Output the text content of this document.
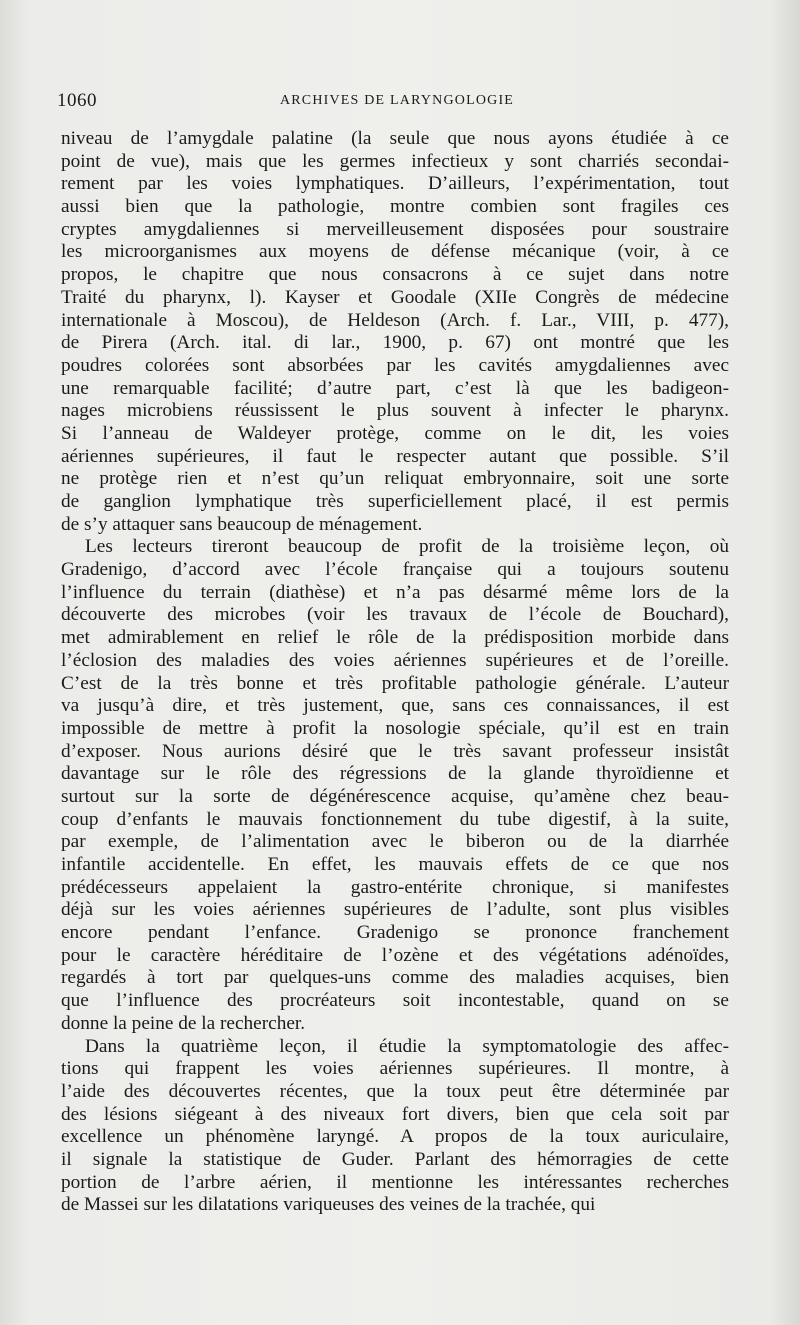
1060	ARCHIVES DE LARYNGOLOGIE
niveau de l’amygdale palatine (la seule que nous ayons étudiée à ce
point de vue), mais que les germes infectieux y sont charriés secondai-
rement par les voies lymphatiques. D’ailleurs, l’expérimentation, tout
aussi bien que la pathologie, montre combien sont fragiles ces
cryptes amygdaliennes si merveilleusement disposées pour soustraire
les microorganismes aux moyens de défense mécanique (voir, à ce
propos, le chapitre que nous consacrons à ce sujet dans notre
Traité du pharynx, l). Kayser et Goodale (XIIe Congrès de médecine
internationale à Moscou), de Heldeson (Arch. f. Lar., VIII, p. 477),
de Pirera (Arch. ital. di lar., 1900, p. 67) ont montré que les
poudres colorées sont absorbées par les cavités amygdaliennes avec
une remarquable facilité; d’autre part, c’est là que les badigeon-
nages microbiens réussissent le plus souvent à infecter le pharynx.
Si l’anneau de Waldeyer protège, comme on le dit, les voies
aériennes supérieures, il faut le respecter autant que possible. S’il
ne protège rien et n’est qu’un reliquat embryonnaire, soit une sorte
de ganglion lymphatique très superficiellement placé, il est permis
de s’y attaquer sans beaucoup de ménagement.
Les lecteurs tireront beaucoup de profit de la troisième leçon, où
Gradenigo, d’accord avec l’école française qui a toujours soutenu
l’influence du terrain (diathèse) et n’a pas désarmé même lors de la
découverte des microbes (voir les travaux de l’école de Bouchard),
met admirablement en relief le rôle de la prédisposition morbide dans
l’éclosion des maladies des voies aériennes supérieures et de l’oreille.
C’est de la très bonne et très profitable pathologie générale. L’auteur
va jusqu’à dire, et très justement, que, sans ces connaissances, il est
impossible de mettre à profit la nosologie spéciale, qu’il est en train
d’exposer. Nous aurions désiré que le très savant professeur insistât
davantage sur le rôle des régressions de la glande thyroïdienne et
surtout sur la sorte de dégénérescence acquise, qu’amène chez beau-
coup d’enfants le mauvais fonctionnement du tube digestif, à la suite,
par exemple, de l’alimentation avec le biberon ou de la diarrhée
infantile accidentelle. En effet, les mauvais effets de ce que nos
prédécesseurs appelaient la gastro-entérite chronique, si manifestes
déjà sur les voies aériennes supérieures de l’adulte, sont plus visibles
encore pendant l’enfance. Gradenigo se prononce franchement
pour le caractère héréditaire de l’ozène et des végétations adénoïdes,
regardés à tort par quelques-uns comme des maladies acquises, bien
que l’influence des procréateurs soit incontestable, quand on se
donne la peine de la rechercher.
Dans la quatrième leçon, il étudie la symptomatologie des affec-
tions qui frappent les voies aériennes supérieures. Il montre, à
l’aide des découvertes récentes, que la toux peut être déterminée par
des lésions siégeant à des niveaux fort divers, bien que cela soit par
excellence un phénomène laryngé. A propos de la toux auriculaire,
il signale la statistique de Guder. Parlant des hémorragies de cette
portion de l’arbre aérien, il mentionne les intéressantes recherches
de Massei sur les dilatations variqueuses des veines de la trachée, qui
